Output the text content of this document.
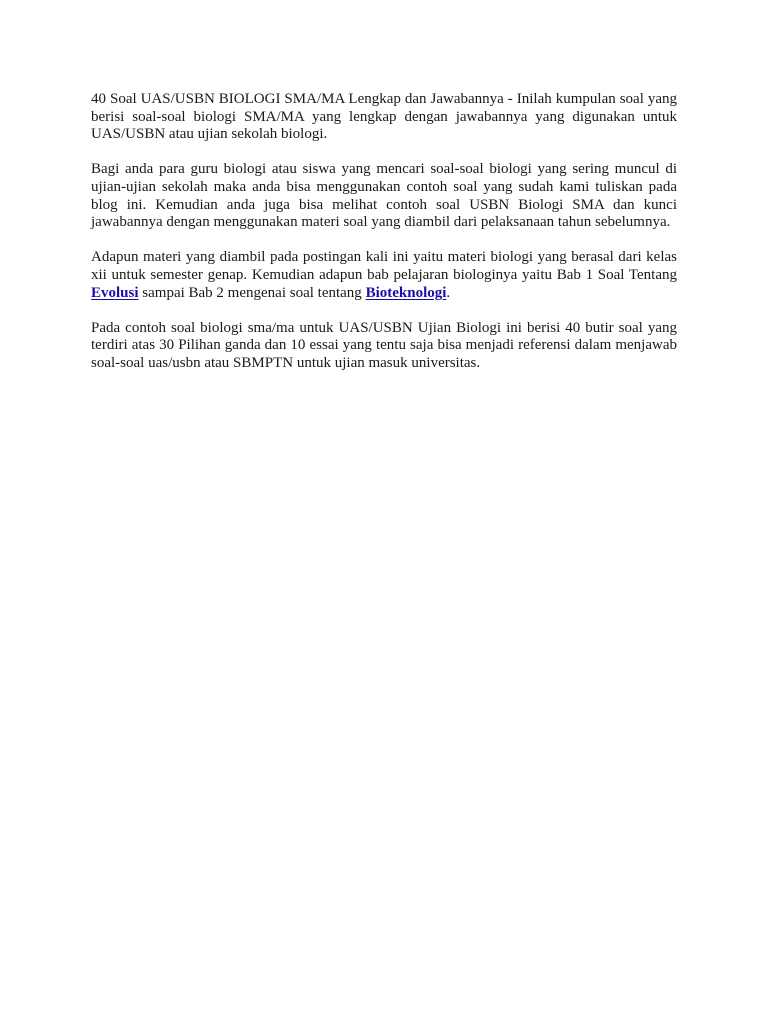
40 Soal UAS/USBN BIOLOGI SMA/MA Lengkap dan Jawabannya - Inilah kumpulan soal yang berisi soal-soal biologi SMA/MA yang lengkap dengan jawabannya yang digunakan untuk UAS/USBN atau ujian sekolah biologi.

Bagi anda para guru biologi atau siswa yang mencari soal-soal biologi yang sering muncul di ujian-ujian sekolah maka anda bisa menggunakan contoh soal yang sudah kami tuliskan pada blog ini. Kemudian anda juga bisa melihat contoh soal USBN Biologi SMA dan kunci jawabannya dengan menggunakan materi soal yang diambil dari pelaksanaan tahun sebelumnya.

Adapun materi yang diambil pada postingan kali ini yaitu materi biologi yang berasal dari kelas xii untuk semester genap. Kemudian adapun bab pelajaran biologinya yaitu Bab 1 Soal Tentang Evolusi sampai Bab 2 mengenai soal tentang Bioteknologi.

Pada contoh soal biologi sma/ma untuk UAS/USBN Ujian Biologi ini berisi 40 butir soal yang terdiri atas 30 Pilihan ganda dan 10 essai yang tentu saja bisa menjadi referensi dalam menjawab soal-soal uas/usbn atau SBMPTN untuk ujian masuk universitas.
